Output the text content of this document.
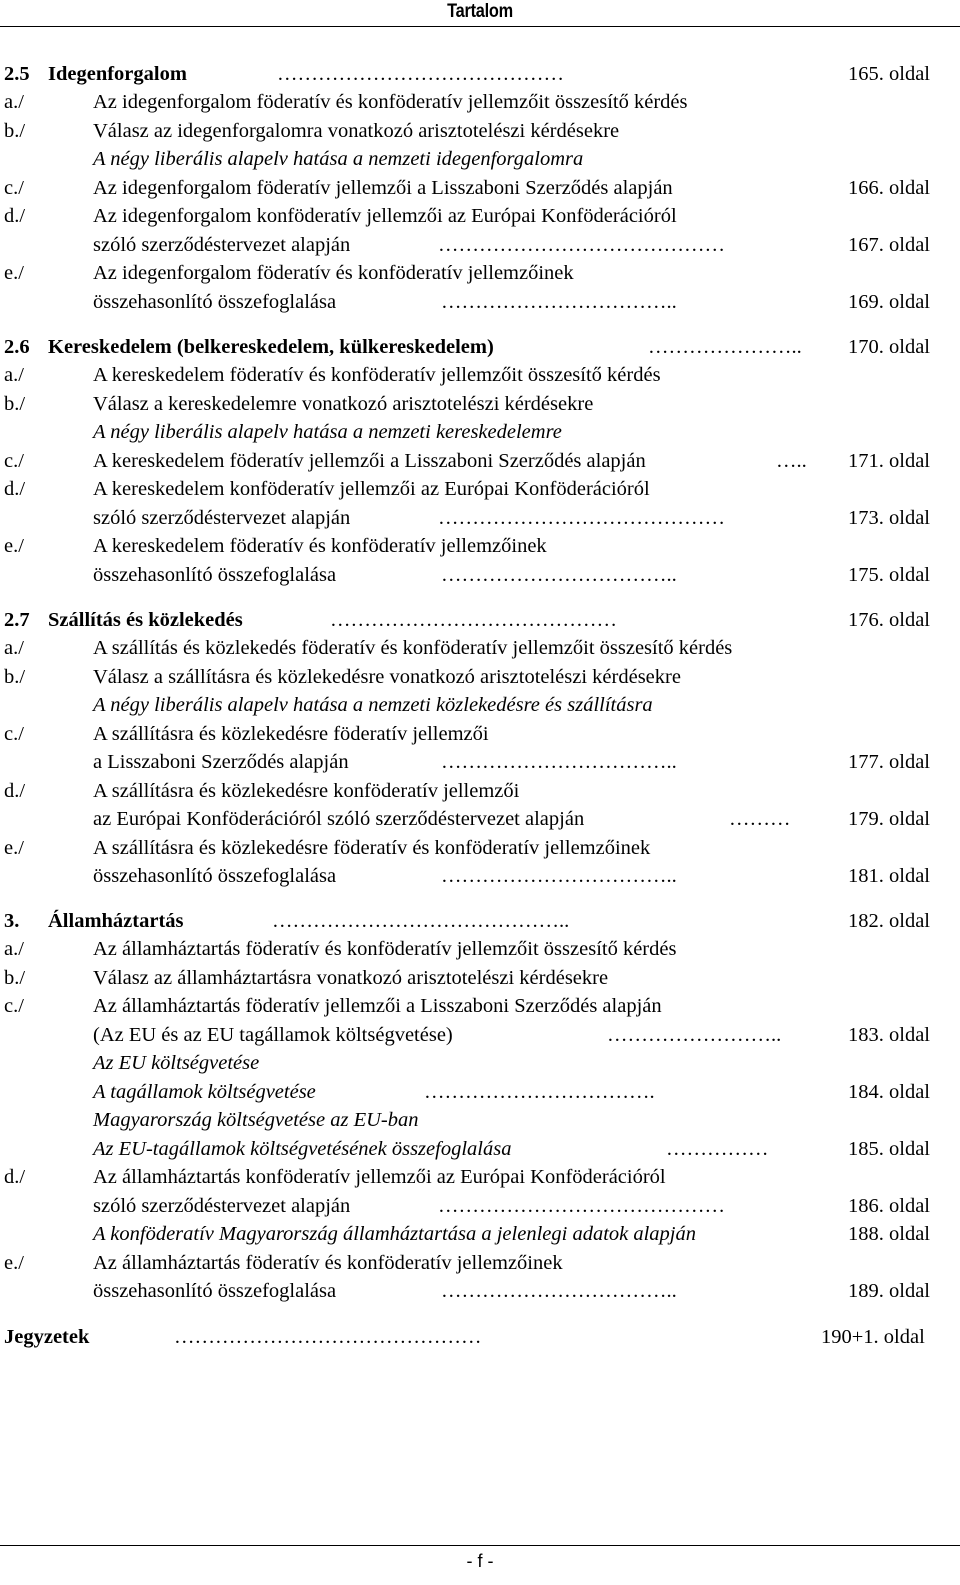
Tartalom
2.5 Idegenforgalom	……………………………………	165. oldal
a./	Az idegenforgalom föderatív és konföderatív jellemzőit összesítő kérdés
b./	Válasz az idegenforgalomra vonatkozó arisztotelészi kérdésekre
A négy liberális alapelv hatása a nemzeti idegenforgalomra
c./	Az idegenforgalom föderatív jellemzői a Lisszaboni Szerződés alapján	166. oldal
d./	Az idegenforgalom konföderatív jellemzői az Európai Konföderációról
szóló szerződéstervezet alapján	……………………………………	167. oldal
e./	Az idegenforgalom föderatív és konföderatív jellemzőinek
összehasonlító összefoglalása	……………………………..	169. oldal
2.6 Kereskedelem (belkereskedelem, külkereskedelem)	………………….. 170. oldal
a./	A kereskedelem föderatív és konföderatív jellemzőit összesítő kérdés
b./	Válasz a kereskedelemre vonatkozó arisztotelészi kérdésekre
A négy liberális alapelv hatása a nemzeti kereskedelemre
c./	A kereskedelem föderatív jellemzői a Lisszaboni Szerződés alapján	….. 171. oldal
d./	A kereskedelem konföderatív jellemzői az Európai Konföderációról
szóló szerződéstervezet alapján	……………………………………	173. oldal
e./	A kereskedelem föderatív és konföderatív jellemzőinek
összehasonlító összefoglalása	……………………………..	175. oldal
2.7 Szállítás és közlekedés	……………………………………	176. oldal
a./	A szállítás és közlekedés föderatív és konföderatív jellemzőit összesítő kérdés
b./	Válasz a szállításra és közlekedésre vonatkozó arisztotelészi kérdésekre
A négy liberális alapelv hatása a nemzeti közlekedésre és szállításra
c./	A szállításra és közlekedésre föderatív jellemzői
a Lisszaboni Szerződés alapján	……………………………..	177. oldal
d./	A szállításra és közlekedésre konföderatív jellemzői
az Európai Konföderációról szóló szerződéstervezet alapján	………	179. oldal
e./	A szállításra és közlekedésre föderatív és konföderatív jellemzőinek
összehasonlító összefoglalása	……………………………..	181. oldal
3. Államháztartás	……………………………………..	182. oldal
a./	Az államháztartás föderatív és konföderatív jellemzőit összesítő kérdés
b./	Válasz az államháztartásra vonatkozó arisztotelészi kérdésekre
c./	Az államháztartás föderatív jellemzői a Lisszaboni Szerződés alapján
(Az EU és az EU tagállamok költségvetése)	……………………..	183. oldal
Az EU költségvetése
A tagállamok költségvetése	…………………………….	184. oldal
Magyarország költségvetése az EU-ban
Az EU-tagállamok költségvetésének összefoglalása	……………	185. oldal
d./	Az államháztartás konföderatív jellemzői az Európai Konföderációról
szóló szerződéstervezet alapján	……………………………………	186. oldal
A konföderatív Magyarország államháztartása a jelenlegi adatok alapján	188. oldal
e./	Az államháztartás föderatív és konföderatív jellemzőinek
összehasonlító összefoglalása	……………………………..	189. oldal
Jegyzetek	………………………………………	190+1. oldal
- f -
